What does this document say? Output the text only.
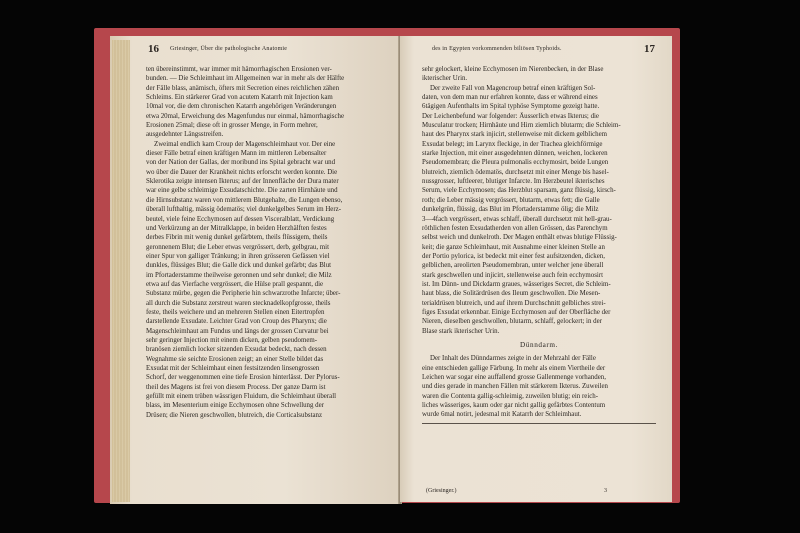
16 Griesinger, Über die pathologische Anatomie
ten übereinstimmt, war immer mit hämorrhagischen Erosionen ver-
bunden. — Die Schleimhaut im Allgemeinen war in mehr als der Hälfte
der Fälle blass, anämisch, öfters mit Secretion eines reichlichen zähen
Schleims. Ein stärkerer Grad von acutem Katarrh mit Injection kam
10mal vor, die dem chronischen Katarrh angehörigen Veränderungen
etwa 20mal, Erweichung des Magenfundus nur einmal, hämorrhagische
Erosionen 25mal; diese oft in grosser Menge, in Form mehrer,
ausgedehnter Längsstreifen.
Zweimal endlich kam Croup der Magenschleimhaut vor. Der eine
dieser Fälle betraf einen kräftigen Mann im mittleren Lebensalter
von der Nation der Gallas, der moribund ins Spital gebracht war und
wo über die Dauer der Krankheit nichts erforscht werden konnte. Die
Sklerotika zeigte intensen Ikterus; auf der Innenfläche der Dura mater
war eine gelbe schleimige Exsudatschichte. Die zarten Hirnhäute und
die Hirnsubstanz waren von mittlerem Blutgehalte, die Lungen ebenso,
überall lufthaltig, mässig ödematös; viel dunkelgelbes Serum im Herz-
beutel, viele feine Ecchymosen auf dessen Visceralblatt, Verdickung
und Verkürzung an der Mitralklappe, in beiden Herzhälften festes
derbes Fibrin mit wenig dunkel gefärbtem, theils flüssigem, theils
geronnenem Blut; die Leber etwas vergrössert, derb, gelbgrau, mit
einer Spur von galliger Tränkung; in ihren grösseren Gefässen viel
dunkles, flüssiges Blut; die Galle dick und dunkel gefärbt; das Blut
im Pfortaderstamme theilweise geronnen und sehr dunkel; die Milz
etwa auf das Vierfache vergrössert, die Hülse prall gespannt, die
Substanz mürbe, gegen die Peripherie hin schwarzrothe Infarcte; über-
all durch die Substanz zerstreut waren stecknadelkopfgrosse, theils
feste, theils weichere und an mehreren Stellen einen Eitertropfen
darstellende Exsudate. Leichter Grad von Croup des Pharynx; die
Magenschleimhaut am Fundus und längs der grossen Curvatur bei
sehr geringer Injection mit einem dicken, gelben pseudomem-
branösen ziemlich locker sitzenden Exsudat bedeckt, nach dessen
Wegnahme sie seichte Erosionen zeigt; an einer Stelle bildet das
Exsudat mit der Schleimhaut einen festsitzenden linsengrossen
Schorf, der weggenommen eine tiefe Erosion hinterlässt. Der Pylorus-
theil des Magens ist frei von diesem Process. Der ganze Darm ist
gefüllt mit einem trüben wässrigen Fluidum, die Schleimhaut überall
blass, im Mesenterium einige Ecchymosen ohne Schwellung der
Drüsen; die Nieren geschwollen, blutreich, die Corticalsubstanz
des in Egypten vorkommenden biliösen Typhoids.	17
sehr gelockert, kleine Ecchymosen im Nierenbecken, in der Blase
ikterischer Urin.
Der zweite Fall von Magencroup betraf einen kräftigen Sol-
daten, von dem man nur erfahren konnte, dass er während eines
6tägigen Aufenthalts im Spital typhöse Symptome gezeigt hatte.
Der Leichenbefund war folgender: Äusserlich etwas Ikterus; die
Musculatur trocken; Hirnhäute und Hirn ziemlich blutarm; die Schleim-
haut des Pharynx stark injicirt, stellenweise mit dickem gelblichem
Exsudat belegt; im Larynx fleckige, in der Trachea gleichförmige
starke Injection, mit einer ausgedehnten dünnen, weichen, lockeren
Pseudomembran; die Pleura pulmonalis ecchymosirt, beide Lungen
blutreich, ziemlich ödematös, durchsetzt mit einer Menge bis hasel-
nussgrosser, luftleerer, blutiger Infarcte. Im Herzbeutel ikterisches
Serum, viele Ecchymosen; das Herzblut sparsam, ganz flüssig, kirsch-
roth; die Leber mässig vergrössert, blutarm, etwas fett; die Galle
dunkelgrün, flüssig, das Blut im Pfortaderstamme ölig; die Milz
3—4fach vergrössert, etwas schlaff, überall durchsetzt mit hell-grau-
röthlichen festen Exsudatherden von allen Grössen, das Parenchym
selbst weich und dunkelroth. Der Magen enthält etwas blutige Flüssig-
keit; die ganze Schleimhaut, mit Ausnahme einer kleinen Stelle an
der Portio pylorica, ist bedeckt mit einer fest aufsitzenden, dicken,
gelblichen, areolirten Pseudomembran, unter welcher jene überall
stark geschwellen und injicirt, stellenweise auch fein ecchymosirt
ist. Im Dünn- und Dickdarm graues, wässeriges Secret, die Schleim-
haut blass, die Solitärdrüsen des Ileum geschwollen. Die Mesen-
terialdrüsen blutreich, und auf ihrem Durchschnitt gelbliches strei-
figes Exsudat erkennbar. Einige Ecchymosen auf der Oberfläche der
Nieren, dieselben geschwollen, blutarm, schlaff, gelockert; in der
Blase stark ikterischer Urin.
Dünndarm.
Der Inhalt des Dünndarmes zeigte in der Mehrzahl der Fälle
eine entschieden gallige Färbung. In mehr als einem Viertheile der
Leichen war sogar eine auffallend grosse Gallenmenge vorhanden,
und dies gerade in manchen Fällen mit stärkerem Ikterus. Zuweilen
waren die Contenta gallig-schleimig, zuweilen blutig; ein reich-
liches wässeriges, kaum oder gar nicht gallig gefärbtes Contentum
wurde 6mal notirt, jedesmal mit Katarrh der Schleimhaut.
(Griesinger.)	3
